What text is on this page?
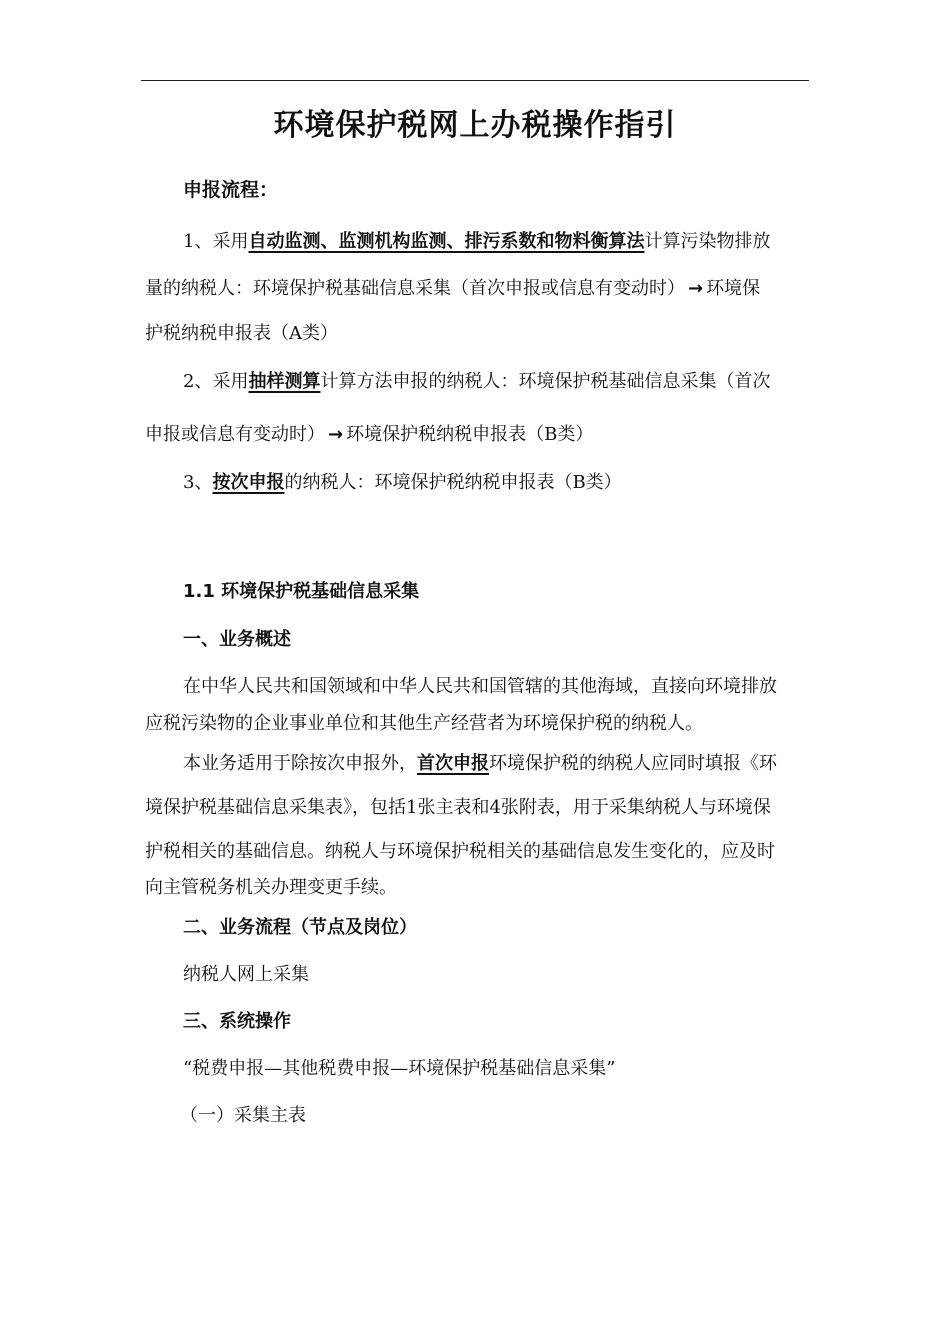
环境保护税网上办税操作指引
申报流程：
1、采用自动监测、监测机构监测、排污系数和物料衡算法计算污染物排放
量的纳税人：环境保护税基础信息采集（首次申报或信息有变动时） → 环境保
护税纳税申报表（A类）
2、采用抽样测算计算方法申报的纳税人：环境保护税基础信息采集（首次
申报或信息有变动时） → 环境保护税纳税申报表（B类）
3、按次申报的纳税人：环境保护税纳税申报表（B类）
1.1 环境保护税基础信息采集
一、业务概述
在中华人民共和国领域和中华人民共和国管辖的其他海域，直接向环境排放
应税污染物的企业事业单位和其他生产经营者为环境保护税的纳税人。
本业务适用于除按次申报外，首次申报环境保护税的纳税人应同时填报《环
境保护税基础信息采集表》，包括1张主表和4张附表，用于采集纳税人与环境保
护税相关的基础信息。纳税人与环境保护税相关的基础信息发生变化的，应及时
向主管税务机关办理变更手续。
二、业务流程（节点及岗位）
纳税人网上采集
三、系统操作
“税费申报—其他税费申报—环境保护税基础信息采集”
（一）采集主表
